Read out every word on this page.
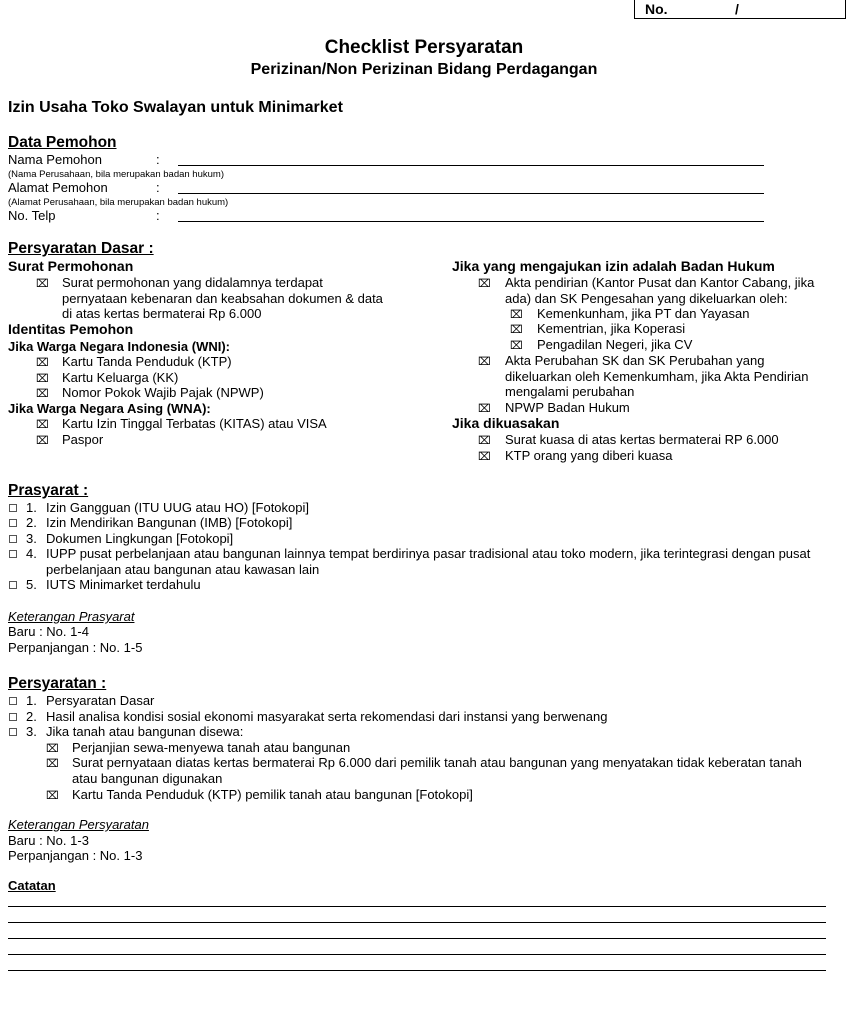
No.	/
Checklist Persyaratan
Perizinan/Non Perizinan Bidang Perdagangan
Izin Usaha Toko Swalayan untuk Minimarket
Data Pemohon
Nama Pemohon	:
(Nama Perusahaan, bila merupakan badan hukum)
Alamat Pemohon	:
(Alamat Perusahaan, bila merupakan badan hukum)
No. Telp	:
Persyaratan Dasar :
Surat Permohonan
⌧ Surat permohonan yang didalamnya terdapat
pernyataan kebenaran dan keabsahan dokumen & data
di atas kertas bermaterai Rp 6.000
Identitas Pemohon
Jika Warga Negara Indonesia (WNI):
⌧ Kartu Tanda Penduduk (KTP)
⌧ Kartu Keluarga (KK)
⌧ Nomor Pokok Wajib Pajak (NPWP)
Jika Warga Negara Asing (WNA):
⌧ Kartu Izin Tinggal Terbatas (KITAS) atau VISA
⌧ Paspor
Jika yang mengajukan izin adalah Badan Hukum
⌧ Akta pendirian (Kantor Pusat dan Kantor Cabang, jika
ada) dan SK Pengesahan yang dikeluarkan oleh:
⌧ Kemenkunham, jika PT dan Yayasan
⌧ Kementrian, jika Koperasi
⌧ Pengadilan Negeri, jika CV
⌧ Akta Perubahan SK dan SK Perubahan yang
dikeluarkan oleh Kemenkumham, jika Akta Pendirian
mengalami perubahan
⌧ NPWP Badan Hukum
Jika dikuasakan
⌧ Surat kuasa di atas kertas bermaterai RP 6.000
⌧ KTP orang yang diberi kuasa
Prasyarat :
1. Izin Gangguan (ITU UUG atau HO) [Fotokopi]
2. Izin Mendirikan Bangunan (IMB) [Fotokopi]
3. Dokumen Lingkungan [Fotokopi]
4. IUPP pusat perbelanjaan atau bangunan lainnya tempat berdirinya pasar tradisional atau toko modern, jika terintegrasi dengan pusat
perbelanjaan atau bangunan atau kawasan lain
5. IUTS Minimarket terdahulu
Keterangan Prasyarat
Baru : No. 1-4
Perpanjangan : No. 1-5
Persyaratan :
1. Persyaratan Dasar
2. Hasil analisa kondisi sosial ekonomi masyarakat serta rekomendasi dari instansi yang berwenang
3. Jika tanah atau bangunan disewa:
⌧ Perjanjian sewa-menyewa tanah atau bangunan
⌧ Surat pernyataan diatas kertas bermaterai Rp 6.000 dari pemilik tanah atau bangunan yang menyatakan tidak keberatan tanah
atau bangunan digunakan
⌧ Kartu Tanda Penduduk (KTP) pemilik tanah atau bangunan [Fotokopi]
Keterangan Persyaratan
Baru : No. 1-3
Perpanjangan : No. 1-3
Catatan
